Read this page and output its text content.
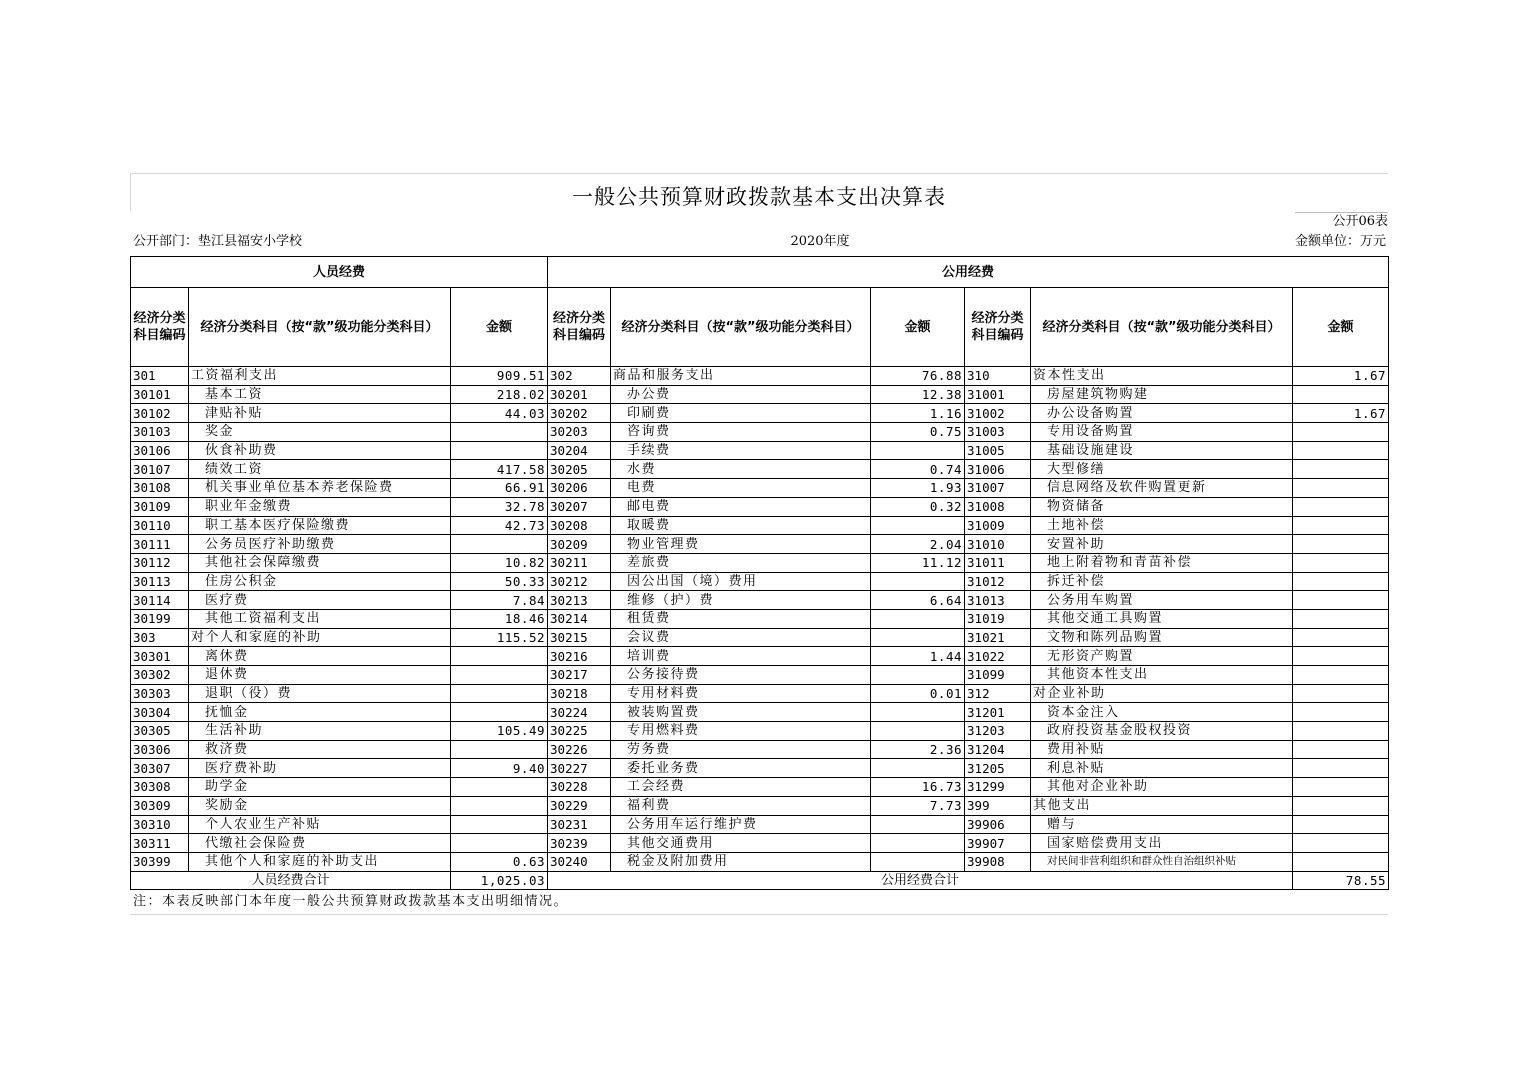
一般公共预算财政拨款基本支出决算表
公开06表
公开部门：垫江县福安小学校	2020年度	金额单位：万元
人员经费			公用经费					
经济分类科目编码	经济分类科目（按“款”级功能分类科目）	金额	经济分类科目编码	经济分类科目（按“款”级功能分类科目）	金额	经济分类科目编码	经济分类科目（按“款”级功能分类科目）	金额
301	工资福利支出	909.51	302	商品和服务支出	76.88	310	资本性支出	1.67
30101	基本工资	218.02	30201	办公费	12.38	31001	房屋建筑物购建	
30102	津贴补贴	44.03	30202	印刷费	1.16	31002	办公设备购置	1.67
30103	奖金		30203	咨询费	0.75	31003	专用设备购置	
30106	伙食补助费		30204	手续费		31005	基础设施建设	
30107	绩效工资	417.58	30205	水费	0.74	31006	大型修缮	
30108	机关事业单位基本养老保险费	66.91	30206	电费	1.93	31007	信息网络及软件购置更新	
30109	职业年金缴费	32.78	30207	邮电费	0.32	31008	物资储备	
30110	职工基本医疗保险缴费	42.73	30208	取暖费		31009	土地补偿	
30111	公务员医疗补助缴费		30209	物业管理费	2.04	31010	安置补助	
30112	其他社会保障缴费	10.82	30211	差旅费	11.12	31011	地上附着物和青苗补偿	
30113	住房公积金	50.33	30212	因公出国（境）费用		31012	拆迁补偿	
30114	医疗费	7.84	30213	维修（护）费	6.64	31013	公务用车购置	
30199	其他工资福利支出	18.46	30214	租赁费		31019	其他交通工具购置	
303	对个人和家庭的补助	115.52	30215	会议费		31021	文物和陈列品购置	
30301	离休费		30216	培训费	1.44	31022	无形资产购置	
30302	退休费		30217	公务接待费		31099	其他资本性支出	
30303	退职（役）费		30218	专用材料费	0.01	312	对企业补助	
30304	抚恤金		30224	被装购置费		31201	资本金注入	
30305	生活补助	105.49	30225	专用燃料费		31203	政府投资基金股权投资	
30306	救济费		30226	劳务费	2.36	31204	费用补贴	
30307	医疗费补助	9.40	30227	委托业务费		31205	利息补贴	
30308	助学金		30228	工会经费	16.73	31299	其他对企业补助	
30309	奖励金		30229	福利费	7.73	399	其他支出	
30310	个人农业生产补贴		30231	公务用车运行维护费		39906	赠与	
30311	代缴社会保险费		30239	其他交通费用		39907	国家赔偿费用支出	
30399	其他个人和家庭的补助支出	0.63	30240	税金及附加费用		39908	对民间非营利组织和群众性自治组织补贴	
人员经费合计		1,025.03	公用经费合计					78.55
注：本表反映部门本年度一般公共预算财政拨款基本支出明细情况。
